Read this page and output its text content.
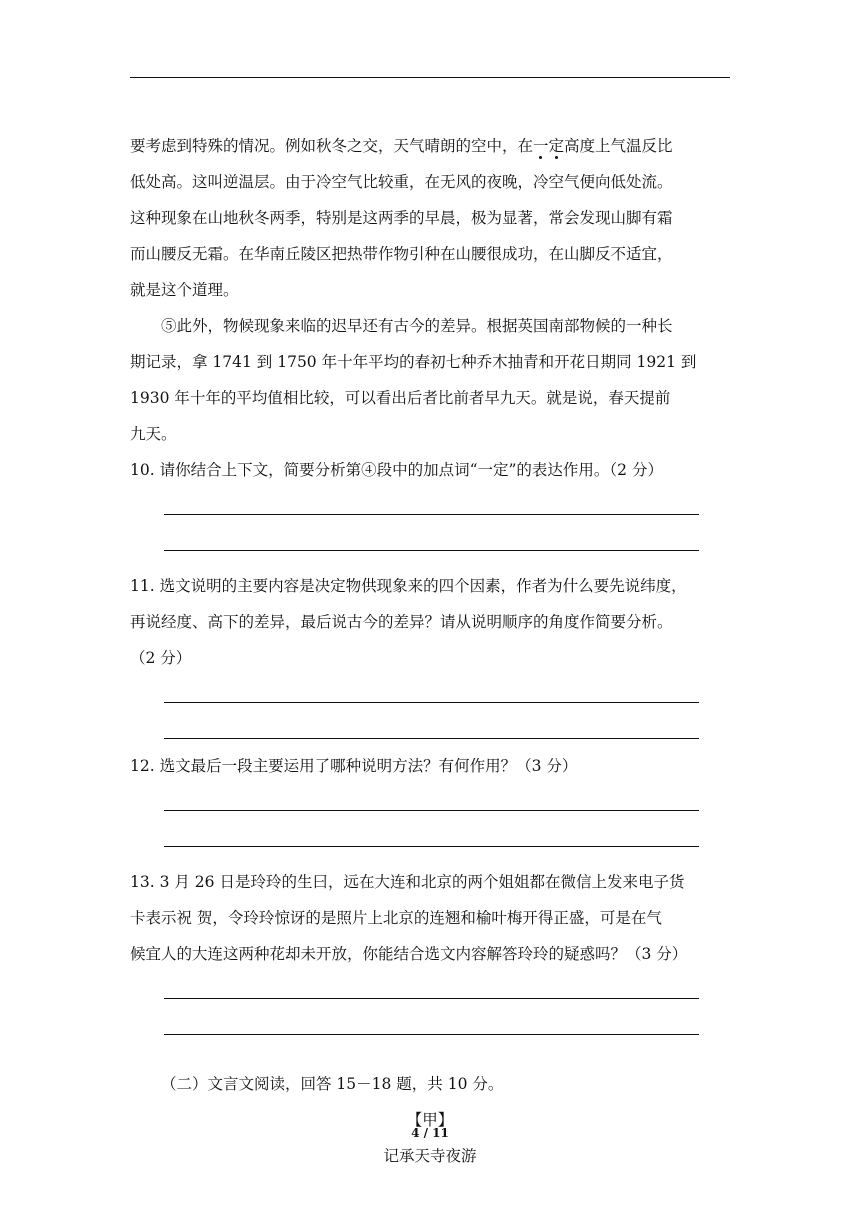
要考虑到特殊的情况。例如秋冬之交，天气晴朗的空中，在一定高度上气温反比
低处高。这叫逆温层。由于冷空气比较重，在无风的夜晚，冷空气便向低处流。
这种现象在山地秋冬两季，特别是这两季的早晨，极为显著，常会发现山脚有霜
而山腰反无霜。在华南丘陵区把热带作物引种在山腰很成功，在山脚反不适宜，
就是这个道理。
⑤此外，物候现象来临的迟早还有古今的差异。根据英国南部物候的一种长
期记录，拿 1741 到 1750 年十年平均的春初七种乔木抽青和开花日期同 1921 到
1930 年十年的平均值相比较，可以看出后者比前者早九天。就是说，春天提前
九天。
10. 请你结合上下文，简要分析第④段中的加点词“一定”的表达作用。（2 分）
11. 选文说明的主要内容是决定物供现象来的四个因素，作者为什么要先说纬度，
再说经度、高下的差异，最后说古今的差异？请从说明顺序的角度作简要分析。
（2 分）
12. 选文最后一段主要运用了哪种说明方法？有何作用？（3 分）
13. 3 月 26 日是玲玲的生曰，远在大连和北京的两个姐姐都在微信上发来电子货
卡表示祝 贺，令玲玲惊讶的是照片上北京的连翘和榆叶梅开得正盛，可是在气
候宜人的大连这两种花却未开放，你能结合选文内容解答玲玲的疑惑吗？（3 分）
（二）文言文阅读，回答 15－18 题，共 10 分。
【甲】
记承天寺夜游
4 / 11
